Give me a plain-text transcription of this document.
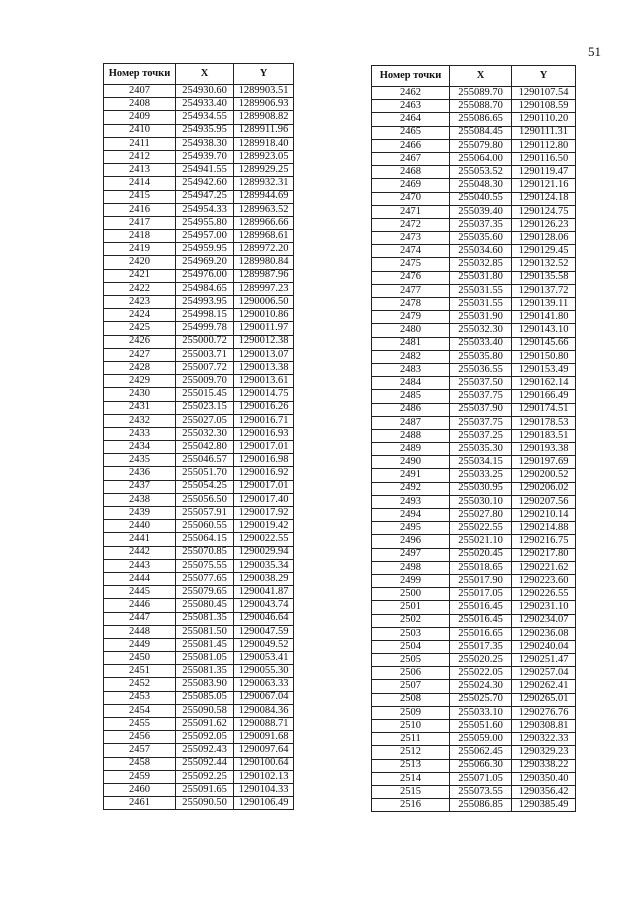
51
Номер точки	X	Y
2407	254930.60	1289903.51
2408	254933.40	1289906.93
2409	254934.55	1289908.82
2410	254935.95	1289911.96
2411	254938.30	1289918.40
2412	254939.70	1289923.05
2413	254941.55	1289929.25
2414	254942.60	1289932.31
2415	254947.25	1289944.69
2416	254954.33	1289963.52
2417	254955.80	1289966.66
2418	254957.00	1289968.61
2419	254959.95	1289972.20
2420	254969.20	1289980.84
2421	254976.00	1289987.96
2422	254984.65	1289997.23
2423	254993.95	1290006.50
2424	254998.15	1290010.86
2425	254999.78	1290011.97
2426	255000.72	1290012.38
2427	255003.71	1290013.07
2428	255007.72	1290013.38
2429	255009.70	1290013.61
2430	255015.45	1290014.75
2431	255023.15	1290016.26
2432	255027.05	1290016.71
2433	255032.30	1290016.93
2434	255042.80	1290017.01
2435	255046.57	1290016.98
2436	255051.70	1290016.92
2437	255054.25	1290017.01
2438	255056.50	1290017.40
2439	255057.91	1290017.92
2440	255060.55	1290019.42
2441	255064.15	1290022.55
2442	255070.85	1290029.94
2443	255075.55	1290035.34
2444	255077.65	1290038.29
2445	255079.65	1290041.87
2446	255080.45	1290043.74
2447	255081.35	1290046.64
2448	255081.50	1290047.59
2449	255081.45	1290049.52
2450	255081.05	1290053.41
2451	255081.35	1290055.30
2452	255083.90	1290063.33
2453	255085.05	1290067.04
2454	255090.58	1290084.36
2455	255091.62	1290088.71
2456	255092.05	1290091.68
2457	255092.43	1290097.64
2458	255092.44	1290100.64
2459	255092.25	1290102.13
2460	255091.65	1290104.33
2461	255090.50	1290106.49
Номер точки	X	Y
2462	255089.70	1290107.54
2463	255088.70	1290108.59
2464	255086.65	1290110.20
2465	255084.45	1290111.31
2466	255079.80	1290112.80
2467	255064.00	1290116.50
2468	255053.52	1290119.47
2469	255048.30	1290121.16
2470	255040.55	1290124.18
2471	255039.40	1290124.75
2472	255037.35	1290126.23
2473	255035.60	1290128.06
2474	255034.60	1290129.45
2475	255032.85	1290132.52
2476	255031.80	1290135.58
2477	255031.55	1290137.72
2478	255031.55	1290139.11
2479	255031.90	1290141.80
2480	255032.30	1290143.10
2481	255033.40	1290145.66
2482	255035.80	1290150.80
2483	255036.55	1290153.49
2484	255037.50	1290162.14
2485	255037.75	1290166.49
2486	255037.90	1290174.51
2487	255037.75	1290178.53
2488	255037.25	1290183.51
2489	255035.30	1290193.38
2490	255034.15	1290197.69
2491	255033.25	1290200.52
2492	255030.95	1290206.02
2493	255030.10	1290207.56
2494	255027.80	1290210.14
2495	255022.55	1290214.88
2496	255021.10	1290216.75
2497	255020.45	1290217.80
2498	255018.65	1290221.62
2499	255017.90	1290223.60
2500	255017.05	1290226.55
2501	255016.45	1290231.10
2502	255016.45	1290234.07
2503	255016.65	1290236.08
2504	255017.35	1290240.04
2505	255020.25	1290251.47
2506	255022.05	1290257.04
2507	255024.30	1290262.41
2508	255025.70	1290265.01
2509	255033.10	1290276.76
2510	255051.60	1290308.81
2511	255059.00	1290322.33
2512	255062.45	1290329.23
2513	255066.30	1290338.22
2514	255071.05	1290350.40
2515	255073.55	1290356.42
2516	255086.85	1290385.49
